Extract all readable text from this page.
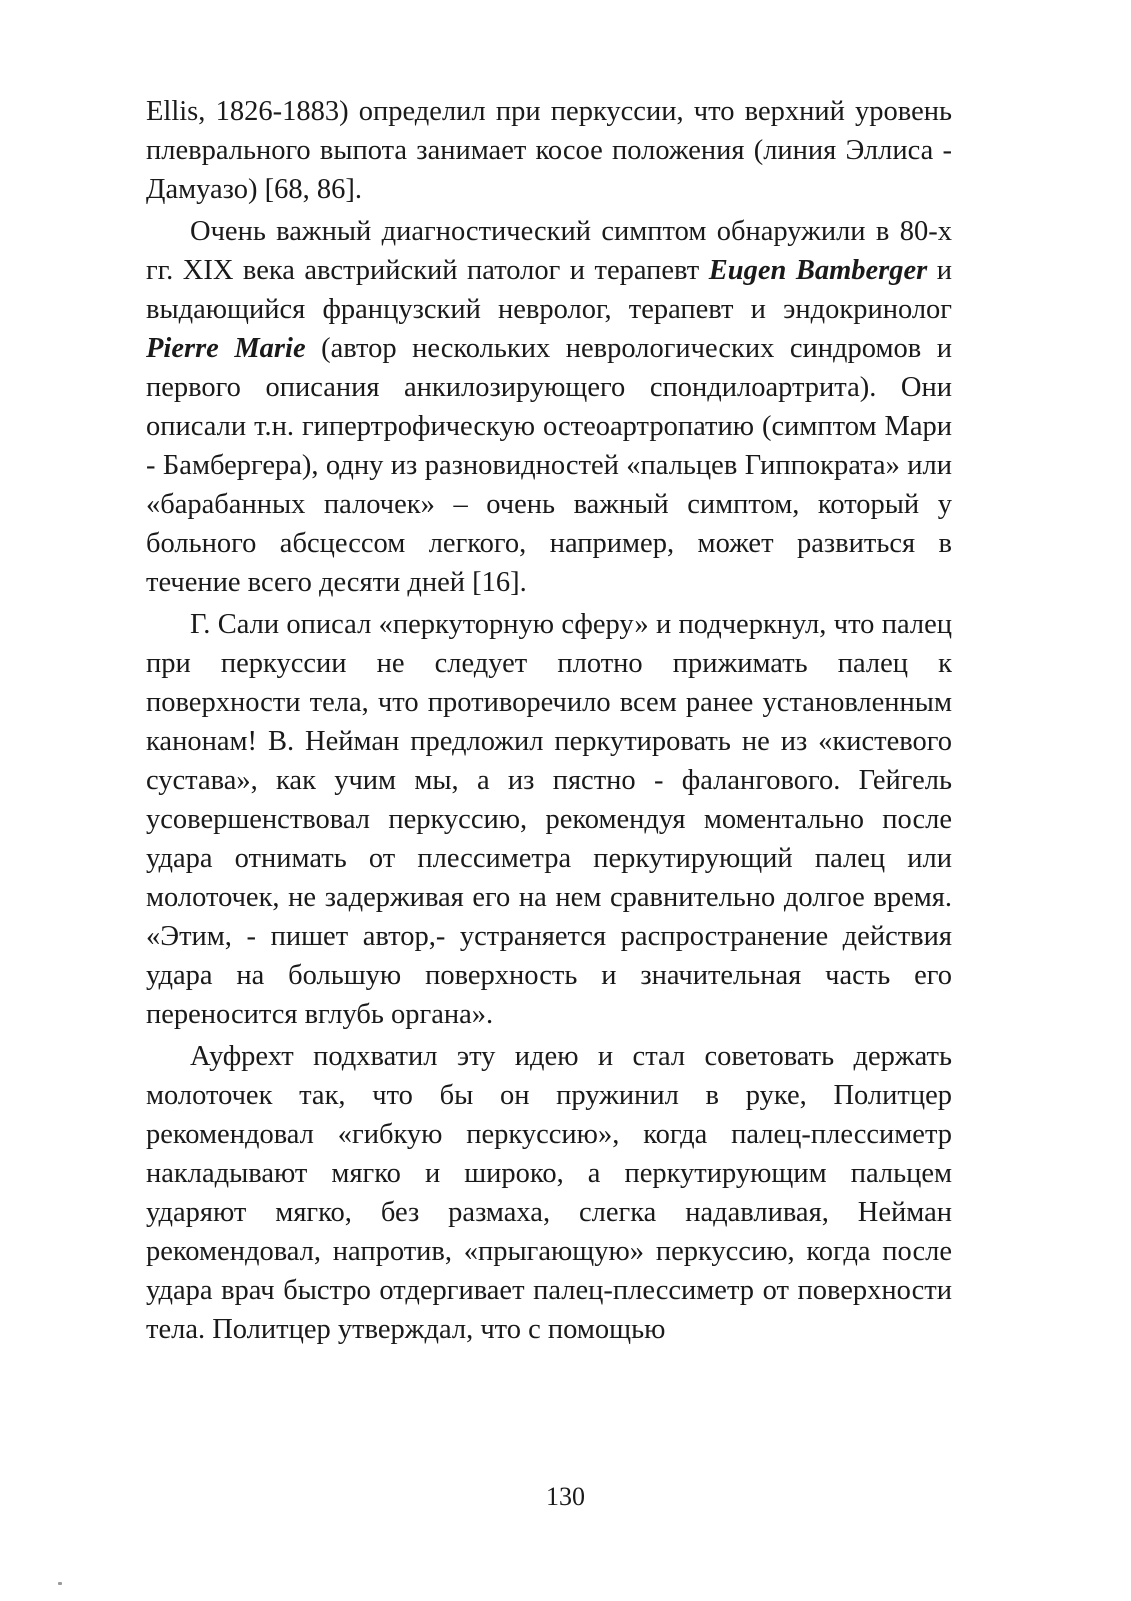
Ellis, 1826-1883) определил при перкуссии, что верхний уровень плеврального выпота занимает косое положения (линия Эллиса - Дамуазо) [68, 86].

Очень важный диагностический симптом обнаружили в 80-х гг. XIX века австрийский патолог и терапевт Eugen Bamberger и выдающийся французский невролог, терапевт и эндокринолог Pierre Marie (автор нескольких неврологических синдромов и первого описания анкилозирующего спондилоартрита). Они описали т.н. гипертрофическую остеоартропатию (симптом Мари - Бамбергера), одну из разновидностей «пальцев Гиппократа» или «барабанных палочек» – очень важный симптом, который у больного абсцессом легкого, например, может развиться в течение всего десяти дней [16].

Г. Сали описал «перкуторную сферу» и подчеркнул, что палец при перкуссии не следует плотно прижимать палец к поверхности тела, что противоречило всем ранее установленным канонам! В. Нейман предложил перкутировать не из «кистевого сустава», как учим мы, а из пястно - фалангового. Гейгель усовершенствовал перкуссию, рекомендуя моментально после удара отнимать от плессиметра перкутирующий палец или молоточек, не задерживая его на нем сравнительно долгое время. «Этим, - пишет автор,- устраняется распространение действия удара на большую поверхность и значительная часть его переносится вглубь органа».

Ауфрехт подхватил эту идею и стал советовать держать молоточек так, что бы он пружинил в руке, Политцер рекомендовал «гибкую перкуссию», когда палец-плессиметр накладывают мягко и широко, а перкутирующим пальцем ударяют мягко, без размаха, слегка надавливая, Нейман рекомендовал, напротив, «прыгающую» перкуссию, когда после удара врач быстро отдергивает палец-плессиметр от поверхности тела. Политцер утверждал, что с помощью

130
